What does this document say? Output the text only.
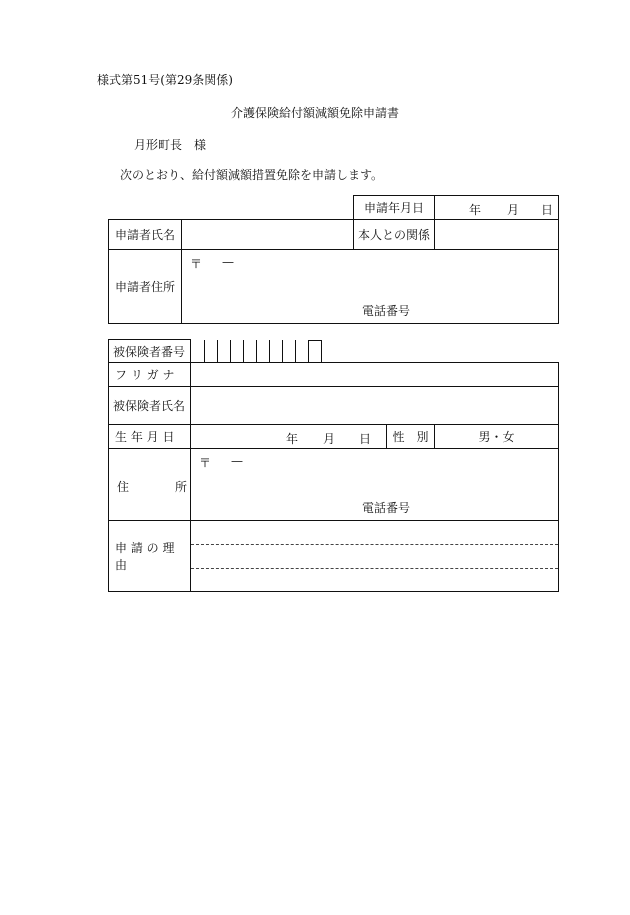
様式第51号(第29条関係)
介護保険給付額減額免除申請書
月形町長　様
次のとおり、給付額減額措置免除を申請します。
		申請年月日	年 月 日

申請者氏名		本人との関係	
申請者住所	〒 —
電話番号		
被保険者番号			

フ リ ガ ナ			
被保険者氏名			
生 年 月 日	年 月 日	性　別	男・女

住 所	〒 —
電話番号		

申 請 の 理 由			
